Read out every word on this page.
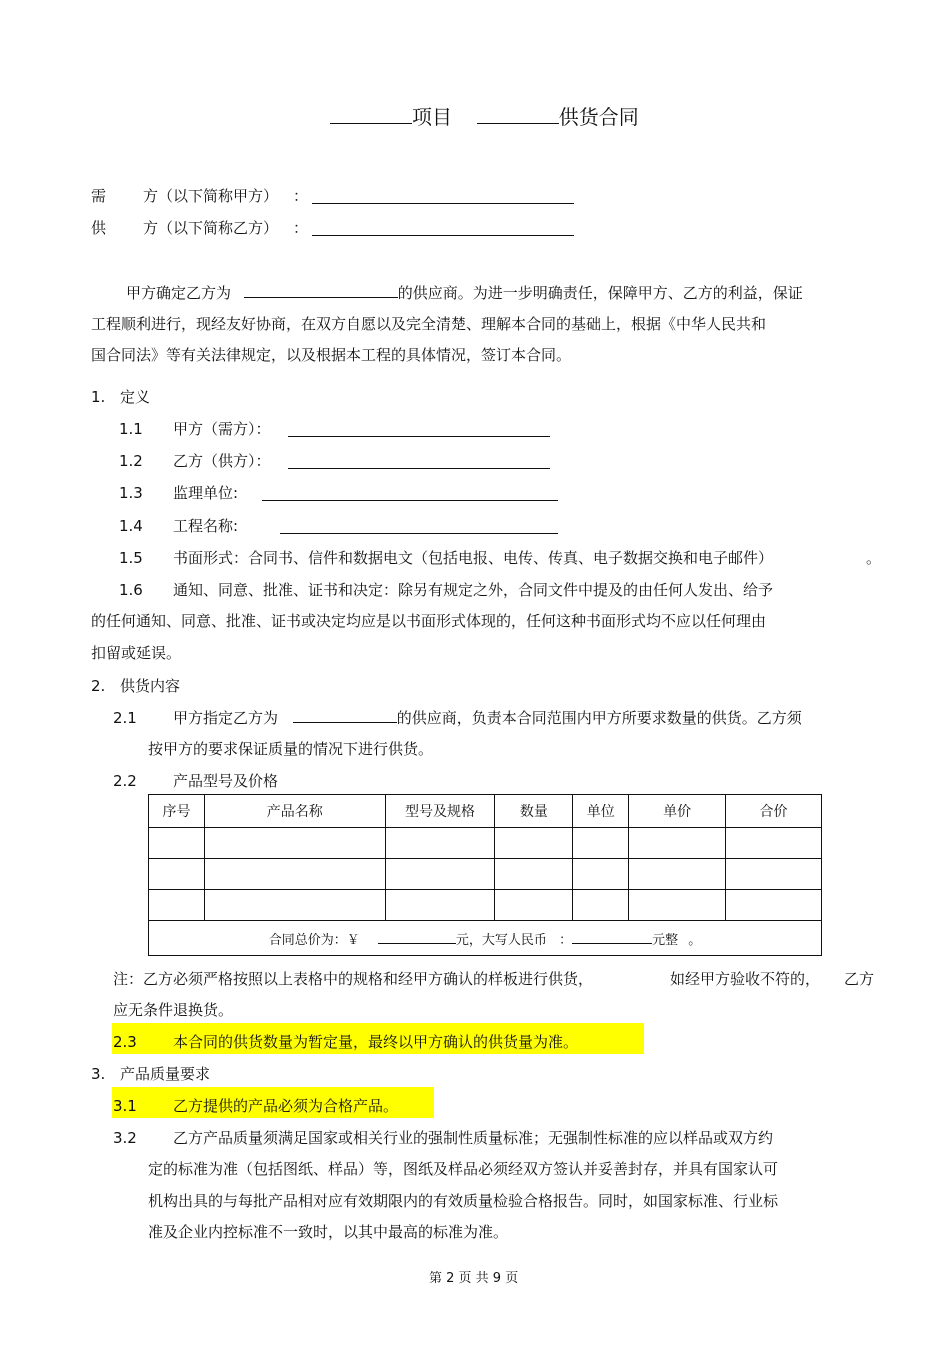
项目	供货合同
需 方（以下简称甲方） ：
供 方（以下简称乙方） ：
甲方确定乙方为	的供应商。为进一步明确责任，保障甲方、乙方的利益，保证
工程顺利进行，现经友好协商，在双方自愿以及完全清楚、理解本合同的基础上，根据《中华人民共和
国合同法》等有关法律规定，以及根据本工程的具体情况，签订本合同。
1. 定义
1.1 甲方（需方）：
1.2 乙方（供方）：
1.3 监理单位:
1.4 工程名称:
1.5 书面形式：合同书、信件和数据电文（包括电报、电传、传真、电子数据交换和电子邮件）	。
1.6 通知、同意、批准、证书和决定：除另有规定之外，合同文件中提及的由任何人发出、给予
的任何通知、同意、批准、证书或决定均应是以书面形式体现的，任何这种书面形式均不应以任何理由
扣留或延误。
2. 供货内容
2.1 甲方指定乙方为	的供应商，负责本合同范围内甲方所要求数量的供货。乙方须
按甲方的要求保证质量的情况下进行供货。
2.2 产品型号及价格
序号	产品名称	型号及规格	数量	单位	单价	合价

合同总价为：￥ 元，大写人民币 ： 元整 。						
注：乙方必须严格按照以上表格中的规格和经甲方确认的样板进行供货，	如经甲方验收不符的， 乙方
应无条件退换货。
2.3 本合同的供货数量为暂定量，最终以甲方确认的供货量为准。
3. 产品质量要求
3.1 乙方提供的产品必须为合格产品。
3.2 乙方产品质量须满足国家或相关行业的强制性质量标准；无强制性标准的应以样品或双方约
定的标准为准（包括图纸、样品）等，图纸及样品必须经双方签认并妥善封存，并具有国家认可
机构出具的与每批产品相对应有效期限内的有效质量检验合格报告。同时，如国家标准、行业标
准及企业内控标准不一致时，以其中最高的标准为准。
第 2 页 共 9 页
